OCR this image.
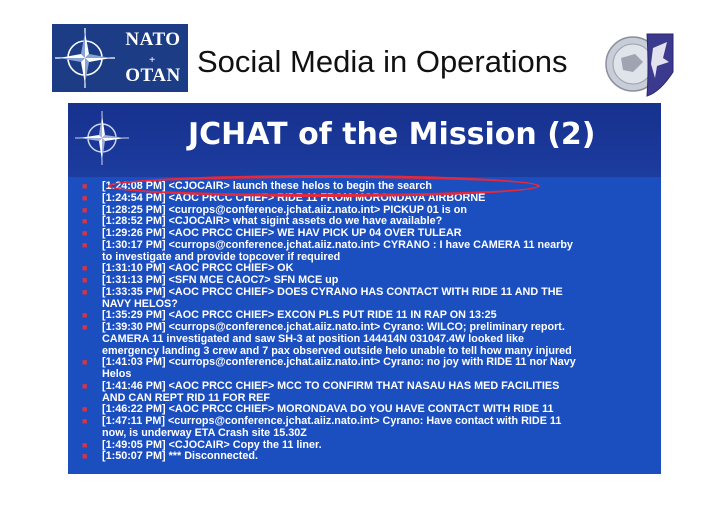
NATO
+
OTAN Social Media in Operations
JCHAT of the Mission (2)
■ [1:24:08 PM] <CJOCAIR> launch these helos to begin the search
■ [1:24:54 PM] <AOC PRCC CHIEF> RIDE 11 FROM MORONDAVA AIRBORNE
■ [1:28:25 PM] <currops@conference.jchat.aiiz.nato.int> PICKUP 01 is on
■ [1:28:52 PM] <CJOCAIR> what sigint assets do we have available?
■ [1:29:26 PM] <AOC PRCC CHIEF> WE HAV PICK UP 04 OVER TULEAR
■ [1:30:17 PM] <currops@conference.jchat.aiiz.nato.int> CYRANO : I have CAMERA 11 nearby
to investigate and provide topcover if required
■ [1:31:10 PM] <AOC PRCC CHIEF> OK
■ [1:31:13 PM] <SFN MCE CAOC7> SFN MCE up
■ [1:33:35 PM] <AOC PRCC CHIEF> DOES CYRANO HAS CONTACT WITH RIDE 11 AND THE
NAVY HELOS?
■ [1:35:29 PM] <AOC PRCC CHIEF> EXCON PLS PUT RIDE 11 IN RAP ON 13:25
■ [1:39:30 PM] <currops@conference.jchat.aiiz.nato.int> Cyrano: WILCO; preliminary report.
CAMERA 11 investigated and saw SH-3 at position 144414N 031047.4W looked like
emergency landing 3 crew and 7 pax observed outside helo unable to tell how many injured
■ [1:41:03 PM] <currops@conference.jchat.aiiz.nato.int> Cyrano: no joy with RIDE 11 nor Navy
Helos
■ [1:41:46 PM] <AOC PRCC CHIEF> MCC TO CONFIRM THAT NASAU HAS MED FACILITIES
AND CAN REPT RID 11 FOR REF
■ [1:46:22 PM] <AOC PRCC CHIEF> MORONDAVA DO YOU HAVE CONTACT WITH RIDE 11
■ [1:47:11 PM] <currops@conference.jchat.aiiz.nato.int> Cyrano: Have contact with RIDE 11
now, is underway ETA Crash site 15.30Z
■ [1:49:05 PM] <CJOCAIR> Copy the 11 liner.
■ [1:50:07 PM] *** Disconnected.
